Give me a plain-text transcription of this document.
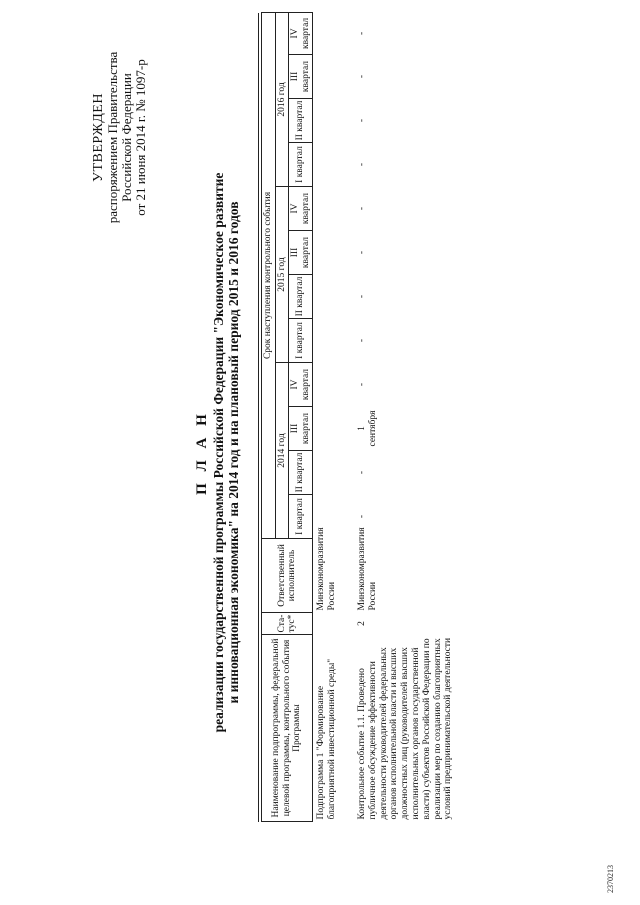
УТВЕРЖДЕН распоряжением Правительства Российской Федерации от 21 июня 2014 г. № 1097-р
П Л А Н реализации государственной программы Российской Федерации "Экономическое развитие и инновационная экономика" на 2014 год и на плановый период 2015 и 2016 годов
Наименование подпрограммы, федеральной целевой программы, контрольного события Программы	Ста-тус*	Ответственный исполнитель	Срок наступления контрольного события											
			2014 год				2015 год				2016 год			
			I квартал	II квартал	III квартал	IV квартал	I квартал	II квартал	III квартал	IV квартал	I квартал	II квартал	III квартал	IV квартал
Подпрограмма 1 "Формирование благоприятной инвестиционной среды"		Минэкономразвития России												
Контрольное событие 1.1. Проведено публичное обсуждение эффективности деятельности руководителей федеральных органов исполнительной власти и высших должностных лиц (руководителей высших исполнительных органов государственной власти) субъектов Российской Федерации по реализации мер по созданию благоприятных условий предпринимательской деятельности	2	Минэкономразвития России	-	-	1 сентября	-	-	-	-	-	-	-	-	-
2370213
